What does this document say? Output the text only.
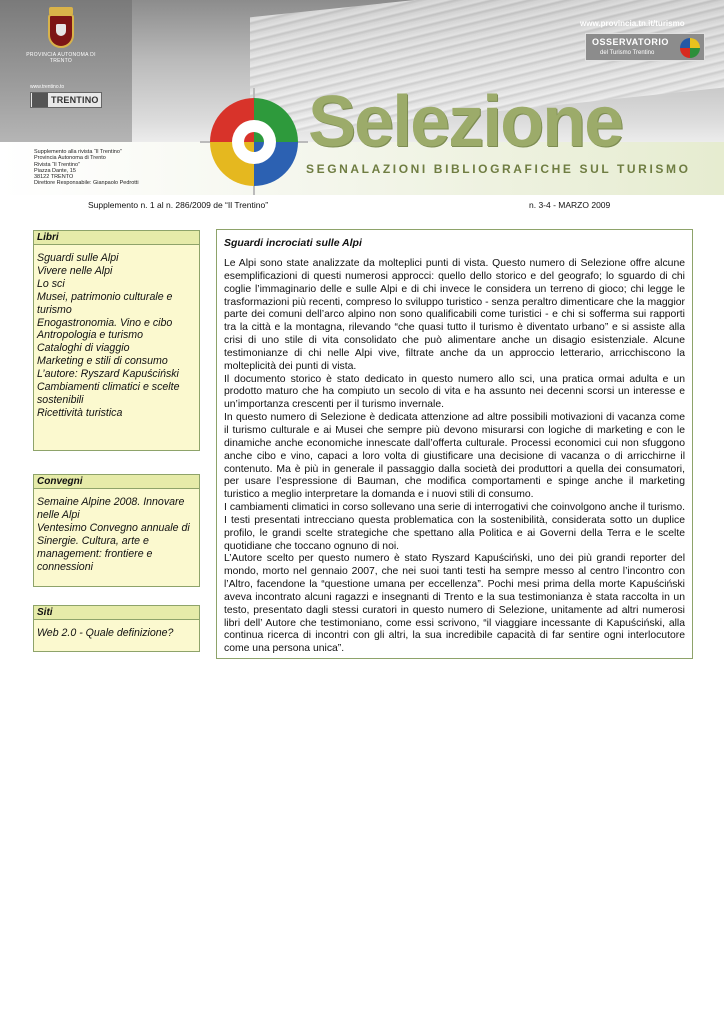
PROVINCIA AUTONOMA DI TRENTO
www.trentino.to
TRENTINO
www.provincia.tn.it/turismo
OSSERVATORIO
del Turismo Trentino
Selezione
SEGNALAZIONI BIBLIOGRAFICHE SUL TURISMO
Supplemento alla rivista “Il Trentino”
Provincia Autonoma di Trento
Rivista “Il Trentino”
Piazza Dante, 15
38122 TRENTO
Direttore Responsabile: Gianpaolo Pedrotti
Supplemento n. 1 al n. 286/2009 de “Il Trentino”	n. 3-4 - MARZO 2009
Libri
Sguardi sulle Alpi
Vivere nelle Alpi
Lo sci
Musei, patrimonio culturale e
turismo
Enogastronomia. Vino e cibo
Antropologia e turismo
Cataloghi di viaggio
Marketing e stili di consumo
L’autore: Ryszard Kapuściński
Cambiamenti climatici e scelte
sostenibili
Ricettività turistica
Convegni
Semaine Alpine 2008. Innovare
nelle Alpi
Ventesimo Convegno annuale di
Sinergie. Cultura, arte e
management: frontiere e
connessioni
Siti
Web 2.0 - Quale definizione?
Sguardi incrociati sulle Alpi

Le Alpi sono state analizzate da molteplici punti di vista. Questo numero di Selezione offre alcune esemplificazioni di questi numerosi approcci: quello dello storico e del geografo; lo sguardo di chi coglie l’immaginario delle e sulle Alpi e di chi invece le considera un terreno di gioco; chi legge le trasformazioni più recenti, compreso lo sviluppo turistico - senza peraltro dimenticare che la maggior parte dei comuni dell’arco alpino non sono qualificabili come turistici - e chi si sofferma sui rapporti tra la città e la montagna, rilevando “che quasi tutto il turismo è diventato urbano” e si assiste alla crisi di uno stile di vita consolidato che può alimentare anche un disagio esistenziale. Alcune testimonianze di chi nelle Alpi vive, filtrate anche da un approccio letterario, arricchiscono la molteplicità dei punti di vista.

Il documento storico è stato dedicato in questo numero allo sci, una pratica ormai adulta e un prodotto maturo che ha compiuto un secolo di vita e ha assunto nei decenni scorsi un interesse e un’importanza crescenti per il turismo invernale.

In questo numero di Selezione è dedicata attenzione ad altre possibili motivazioni di vacanza come il turismo culturale e ai Musei che sempre più devono misurarsi con logiche di marketing e con le dinamiche anche economiche innescate dall’offerta culturale. Processi economici cui non sfuggono anche cibo e vino, capaci a loro volta di giustificare una decisione di vacanza o di arricchirne il contenuto. Ma è più in generale il passaggio dalla società dei produttori a quella dei consumatori, per usare l’espressione di Bauman, che modifica comportamenti e spinge anche il marketing turistico a meglio interpretare la domanda e i nuovi stili di consumo.

I cambiamenti climatici in corso sollevano una serie di interrogativi che coinvolgono anche il turismo. I testi presentati intrecciano questa problematica con la sostenibilità, considerata sotto un duplice profilo, le grandi scelte strategiche che spettano alla Politica e ai Governi della Terra e le scelte quotidiane che toccano ognuno di noi.

L’Autore scelto per questo numero è stato Ryszard Kapuściński, uno dei più grandi reporter del mondo, morto nel gennaio 2007, che nei suoi tanti testi ha sempre messo al centro l’incontro con l’Altro, facendone la “questione umana per eccellenza”. Pochi mesi prima della morte Kapuściński aveva incontrato alcuni ragazzi e insegnanti di Trento e la sua testimonianza è stata raccolta in un testo, presentato dagli stessi curatori in questo numero di Selezione, unitamente ad altri numerosi libri dell’ Autore che testimoniano, come essi scrivono, “il viaggiare incessante di Kapuściński, alla continua ricerca di incontri con gli altri, la sua incredibile capacità di far sentire ogni interlocutore come una persona unica”.
